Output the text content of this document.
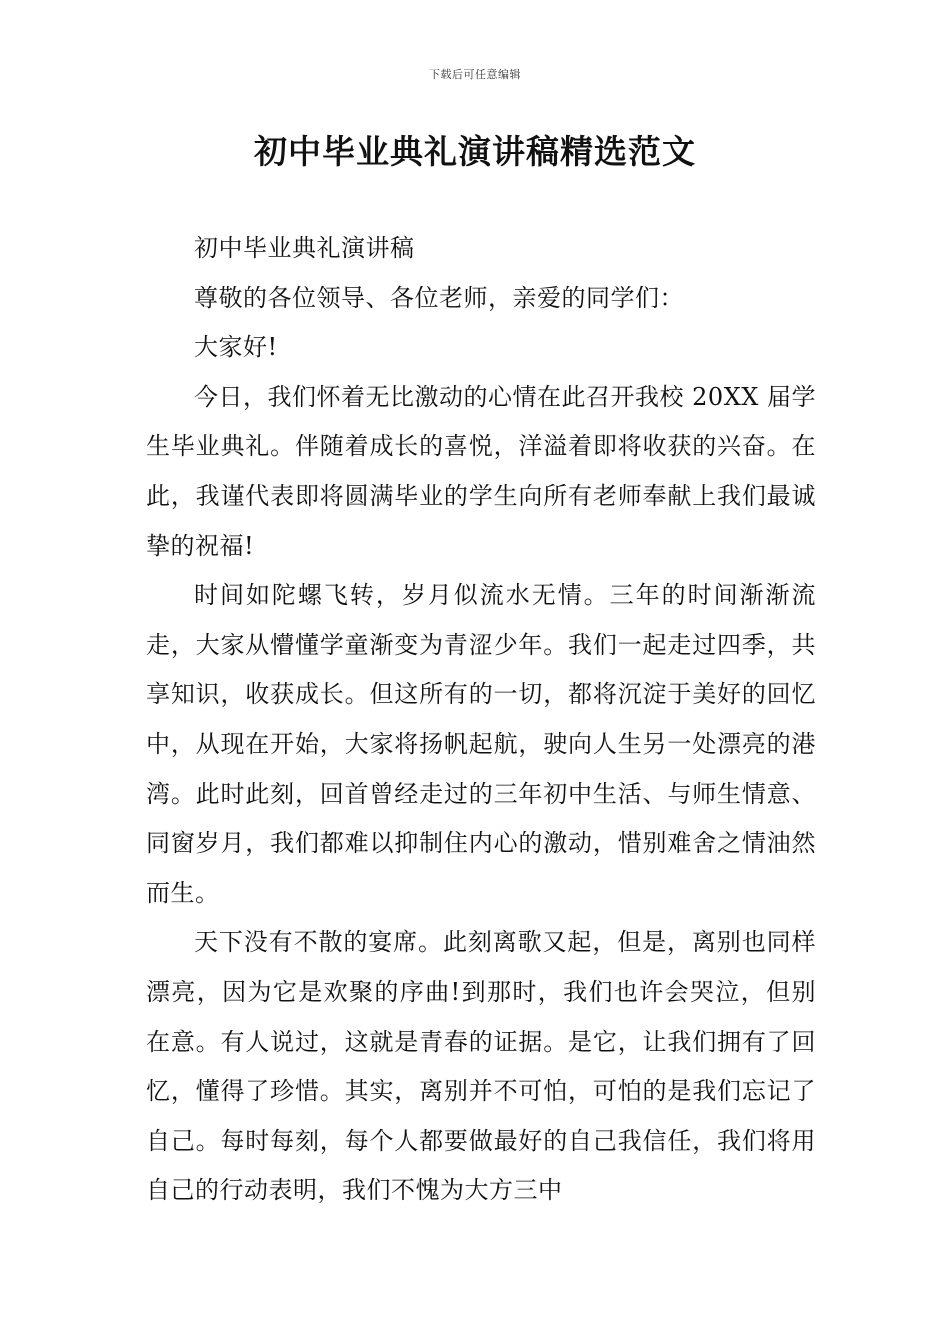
下载后可任意编辑
初中毕业典礼演讲稿精选范文

初中毕业典礼演讲稿

尊敬的各位领导、各位老师，亲爱的同学们：

大家好!

今日，我们怀着无比激动的心情在此召开我校 20XX 届学生毕业典礼。伴随着成长的喜悦，洋溢着即将收获的兴奋。在此，我谨代表即将圆满毕业的学生向所有老师奉献上我们最诚挚的祝福!

时间如陀螺飞转，岁月似流水无情。三年的时间渐渐流走，大家从懵懂学童渐变为青涩少年。我们一起走过四季，共享知识，收获成长。但这所有的一切，都将沉淀于美好的回忆中，从现在开始，大家将扬帆起航，驶向人生另一处漂亮的港湾。此时此刻，回首曾经走过的三年初中生活、与师生情意、同窗岁月，我们都难以抑制住内心的激动，惜别难舍之情油然而生。

天下没有不散的宴席。此刻离歌又起，但是，离别也同样漂亮，因为它是欢聚的序曲!到那时，我们也许会哭泣，但别在意。有人说过，这就是青春的证据。是它，让我们拥有了回忆，懂得了珍惜。其实，离别并不可怕，可怕的是我们忘记了自己。每时每刻，每个人都要做最好的自己我信任，我们将用自己的行动表明，我们不愧为大方三中
